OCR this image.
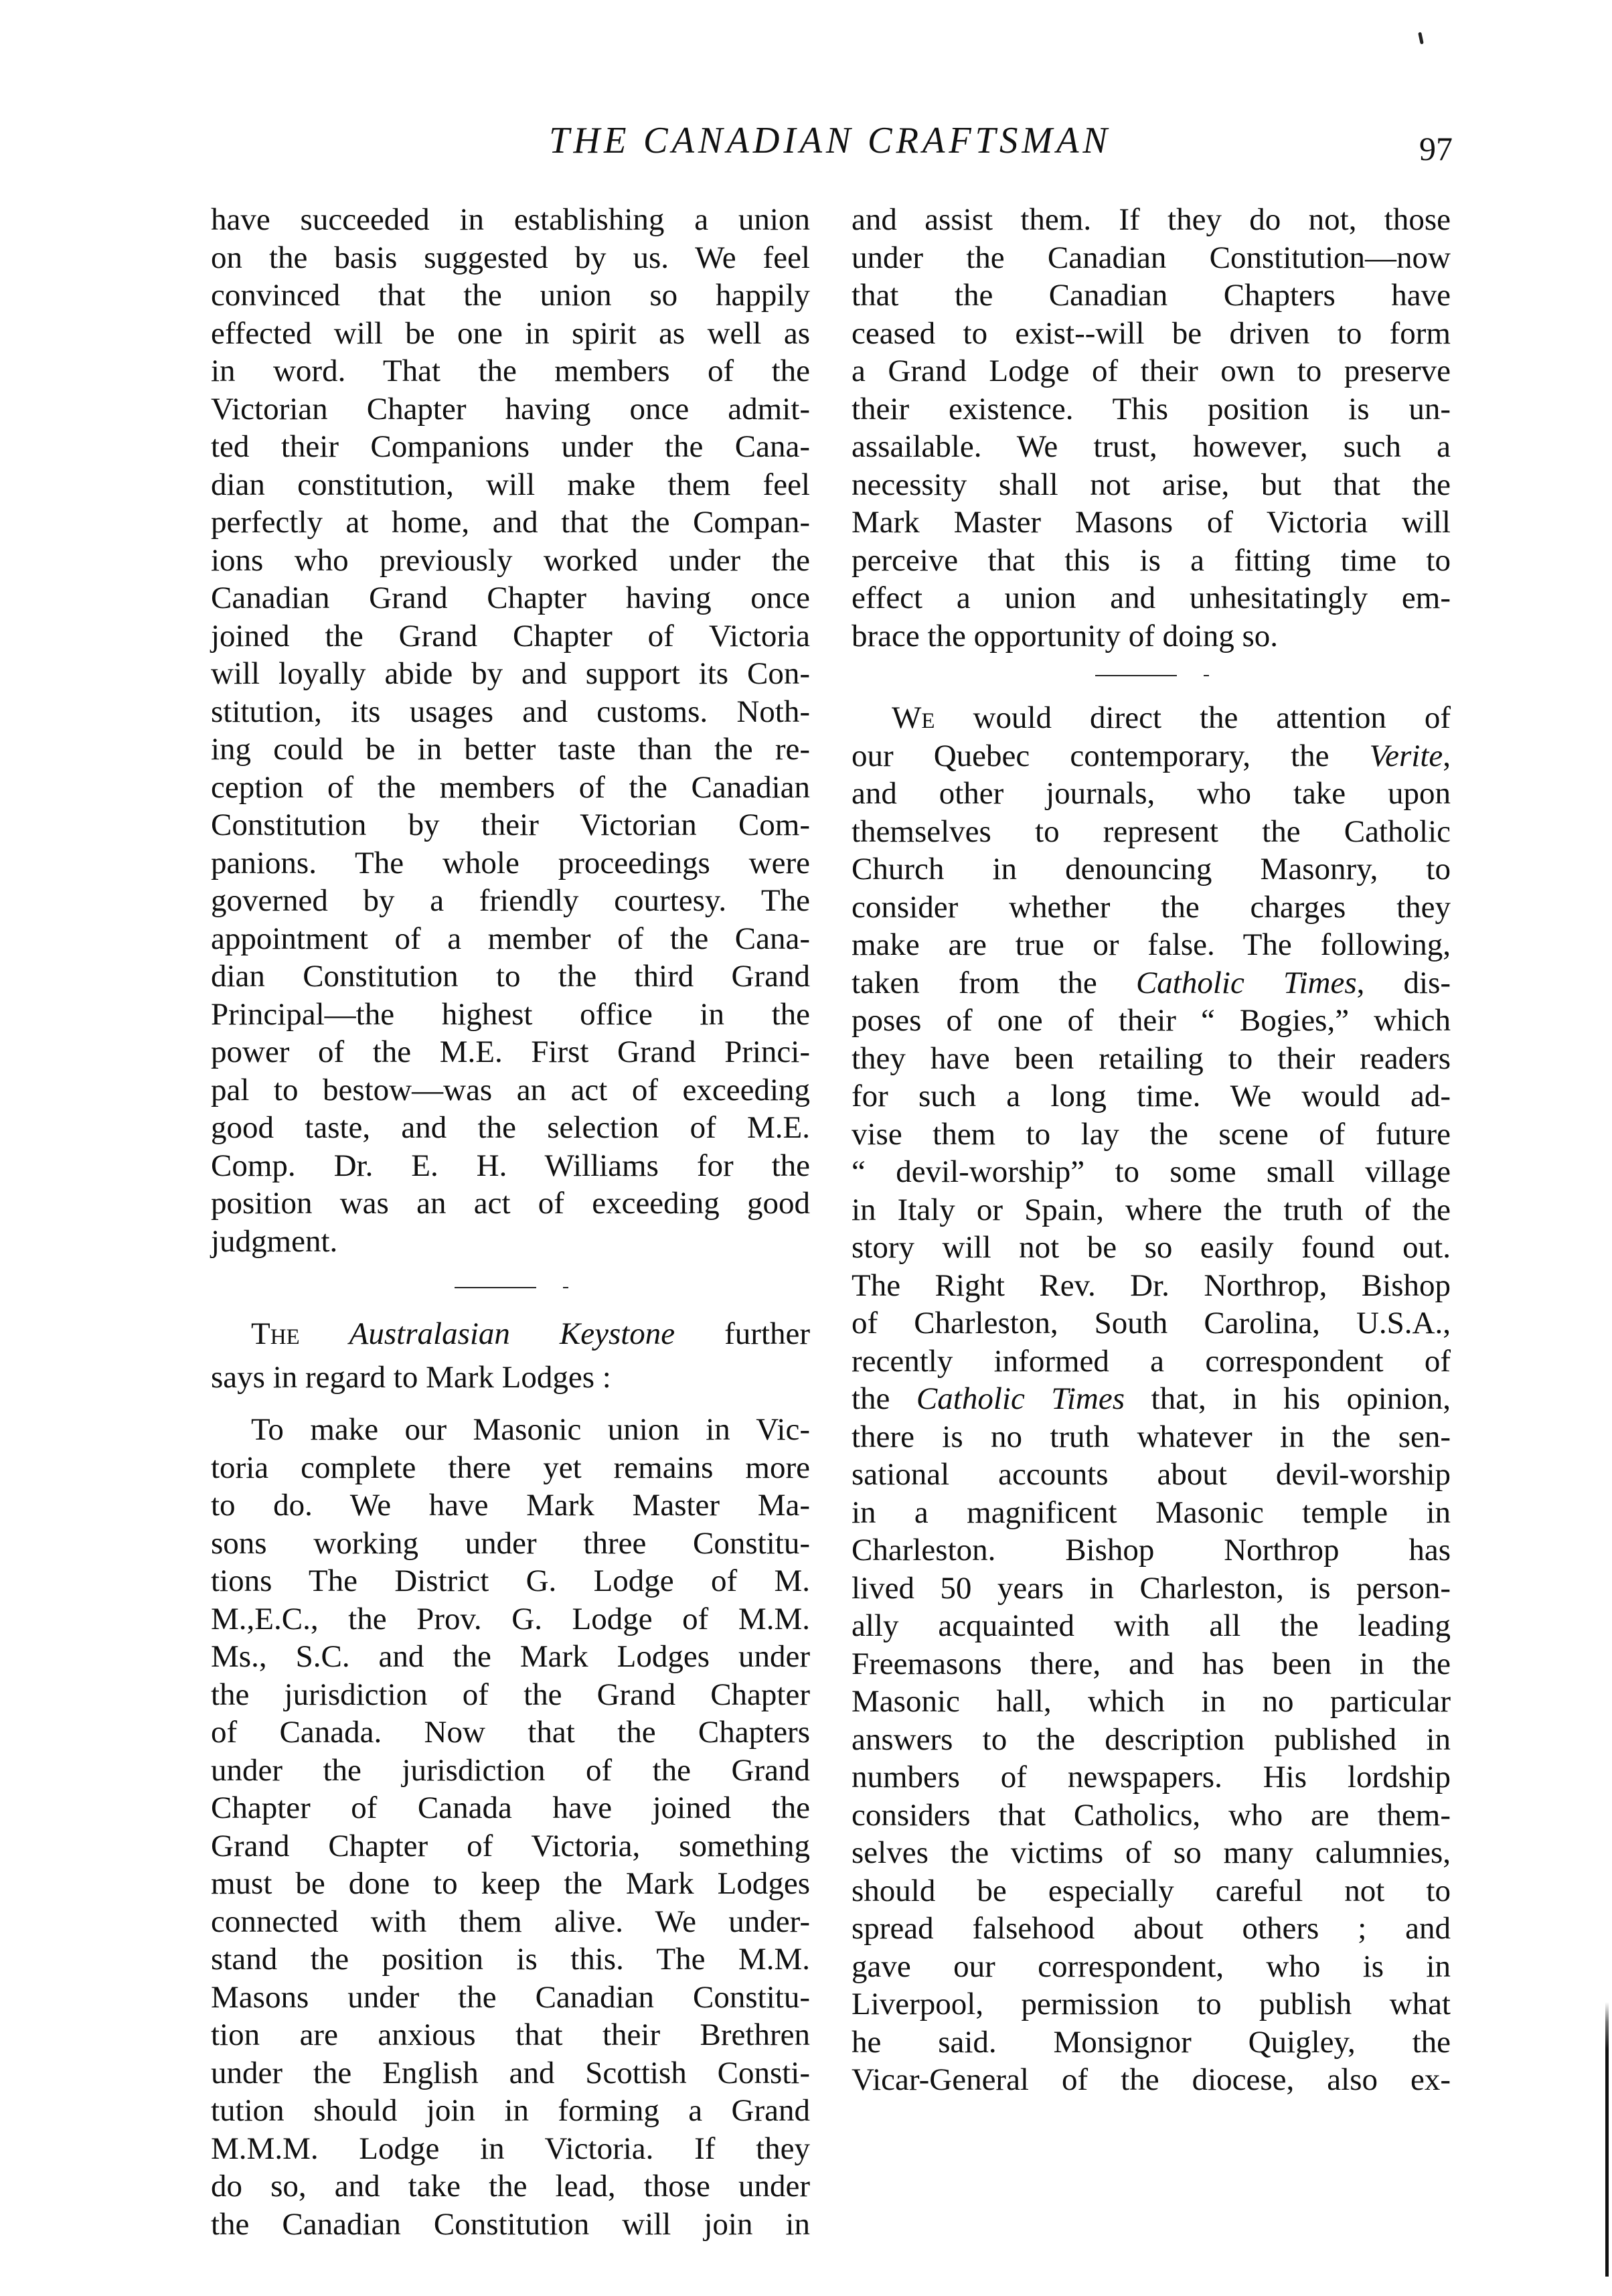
THE CANADIAN CRAFTSMAN	97
have succeeded in establishing a union
on the basis suggested by us. We feel
convinced that the union so happily
effected will be one in spirit as well as
in word. That the members of the
Victorian Chapter having once admit-
ted their Companions under the Cana-
dian constitution, will make them feel
perfectly at home, and that the Compan-
ions who previously worked under the
Canadian Grand Chapter having once
joined the Grand Chapter of Victoria
will loyally abide by and support its Con-
stitution, its usages and customs. Noth-
ing could be in better taste than the re-
ception of the members of the Canadian
Constitution by their Victorian Com-
panions. The whole proceedings were
governed by a friendly courtesy. The
appointment of a member of the Cana-
dian Constitution to the third Grand
Principal—the highest office in the
power of the M.E. First Grand Princi-
pal to bestow—was an act of exceeding
good taste, and the selection of M.E.
Comp. Dr. E. H. Williams for the
position was an act of exceeding good
judgment.
The Australasian Keystone further
says in regard to Mark Lodges :
To make our Masonic union in Vic-
toria complete there yet remains more
to do. We have Mark Master Ma-
sons working under three Constitu-
tions The District G. Lodge of M.
M.,E.C., the Prov. G. Lodge of M.M.
Ms., S.C. and the Mark Lodges under
the jurisdiction of the Grand Chapter
of Canada. Now that the Chapters
under the jurisdiction of the Grand
Chapter of Canada have joined the
Grand Chapter of Victoria, something
must be done to keep the Mark Lodges
connected with them alive. We under-
stand the position is this. The M.M.
Masons under the Canadian Constitu-
tion are anxious that their Brethren
under the English and Scottish Consti-
tution should join in forming a Grand
M.M.M. Lodge in Victoria. If they
do so, and take the lead, those under
the Canadian Constitution will join in
and assist them. If they do not, those
under the Canadian Constitution—now
that the Canadian Chapters have
ceased to exist--will be driven to form
a Grand Lodge of their own to preserve
their existence. This position is un-
assailable. We trust, however, such a
necessity shall not arise, but that the
Mark Master Masons of Victoria will
perceive that this is a fitting time to
effect a union and unhesitatingly em-
brace the opportunity of doing so.
We would direct the attention of
our Quebec contemporary, the Verite,
and other journals, who take upon
themselves to represent the Catholic
Church in denouncing Masonry, to
consider whether the charges they
make are true or false. The following,
taken from the Catholic Times, dis-
poses of one of their “ Bogies,” which
they have been retailing to their readers
for such a long time. We would ad-
vise them to lay the scene of future
“ devil-worship” to some small village
in Italy or Spain, where the truth of the
story will not be so easily found out.
The Right Rev. Dr. Northrop, Bishop
of Charleston, South Carolina, U.S.A.,
recently informed a correspondent of
the Catholic Times that, in his opinion,
there is no truth whatever in the sen-
sational accounts about devil-worship
in a magnificent Masonic temple in
Charleston. Bishop Northrop has
lived 50 years in Charleston, is person-
ally acquainted with all the leading
Freemasons there, and has been in the
Masonic hall, which in no particular
answers to the description published in
numbers of newspapers. His lordship
considers that Catholics, who are them-
selves the victims of so many calumnies,
should be especially careful not to
spread falsehood about others ; and
gave our correspondent, who is in
Liverpool, permission to publish what
he said. Monsignor Quigley, the
Vicar-General of the diocese, also ex-
